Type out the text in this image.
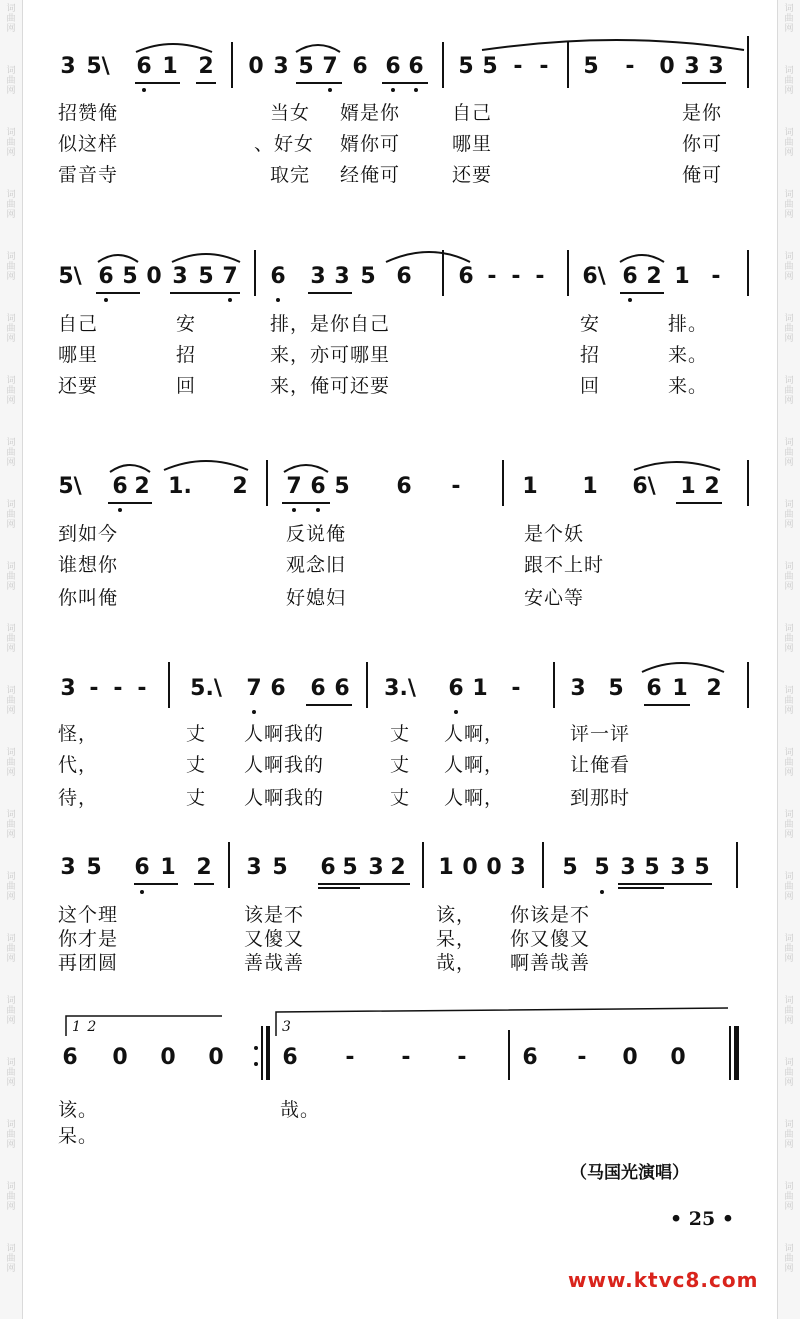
词
曲
网
词
曲
网
词
曲
网
词
曲
网
词
曲
网
词
曲
网
词
曲
网
词
曲
网
词
曲
网
词
曲
网
词
曲
网
词
曲
网
词
曲
网
词
曲
网
词
曲
网
词
曲
网
词
曲
网
词
曲
网
词
曲
网
词
曲
网
词
曲
网
词
曲
网
词
曲
网
词
曲
网
词
曲
网
词
曲
网
词
曲
网
词
曲
网
词
曲
网
词
曲
网
词
曲
网
词
曲
网
词
曲
网
词
曲
网
词
曲
网
词
曲
网
词
曲
网
词
曲
网
词
曲
网
词
曲
网
词
曲
网
词
曲
网
3 5\ 6 1 2 0 3 5 7 6 6 6 5 5 - - 5 - 0 3 3
招赞俺	当女 婿是你	自己	是你
似这样	、好女 婿你可	哪里	你可
雷音寺	取完 经俺可	还要	俺可
5\ 6 5 0 3 5 7 6 3 3 5 6 6 - - - 6\ 6 2 1 -
自己	安	排，是你自己	安	排。
哪里	招	来，亦可哪里	招	来。
还要	回	来，俺可还要	回	来。
5\ 6 2 1. 2 7 6 5 6 -	1 1 6\ 1 2
到如今	反说俺	是个妖
谁想你	观念旧	跟不上时
你叫俺	好媳妇	安心等
3 - - - 5.\ 7 6 6 6 3.\ 6 1 - 3 5 6 1 2
怪，	丈 人啊我的	丈 人啊，	评一评
代，	丈 人啊我的	丈 人啊，	让俺看
待，	丈 人啊我的	丈 人啊，	到那时
3 5 6 1 2 3 5 6 5 3 2 1 0 0 3 5 5 3 5 3 5
这个理	该是不	该， 你该是不
你才是	又傻又	呆， 你又傻又
再团圆	善哉善	哉， 啊善哉善
1 2	3
6 0 0 0	6 - - -	6 - 0 0
该。	哉。
呆。
（马国光演唱）
• 25 •
www.ktvc8.com
